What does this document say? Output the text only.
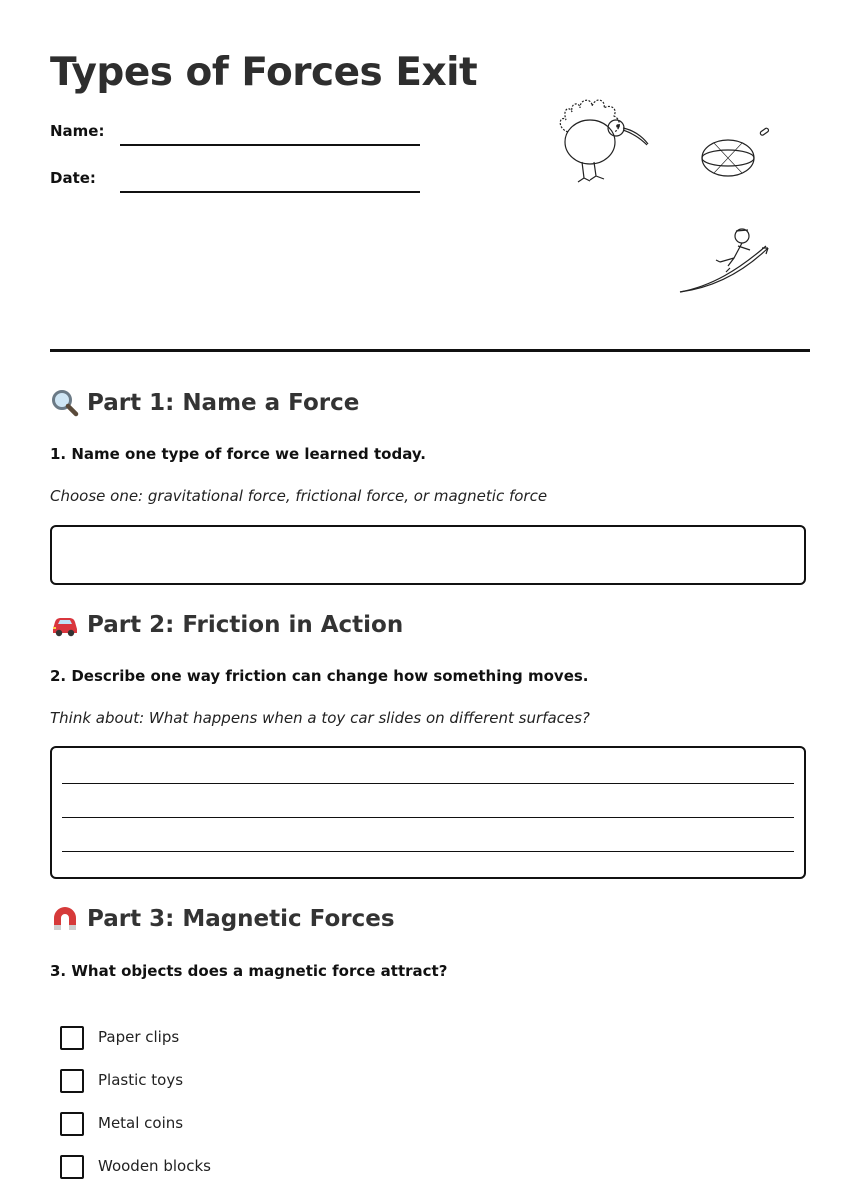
Types of Forces Exit
Name:
Date:
Part 1: Name a Force
1. Name one type of force we learned today.
Choose one: gravitational force, frictional force, or magnetic force
Part 2: Friction in Action
2. Describe one way friction can change how something moves.
Think about: What happens when a toy car slides on different surfaces?
Part 3: Magnetic Forces
3. What objects does a magnetic force attract?
Paper clips
Plastic toys
Metal coins
Wooden blocks
